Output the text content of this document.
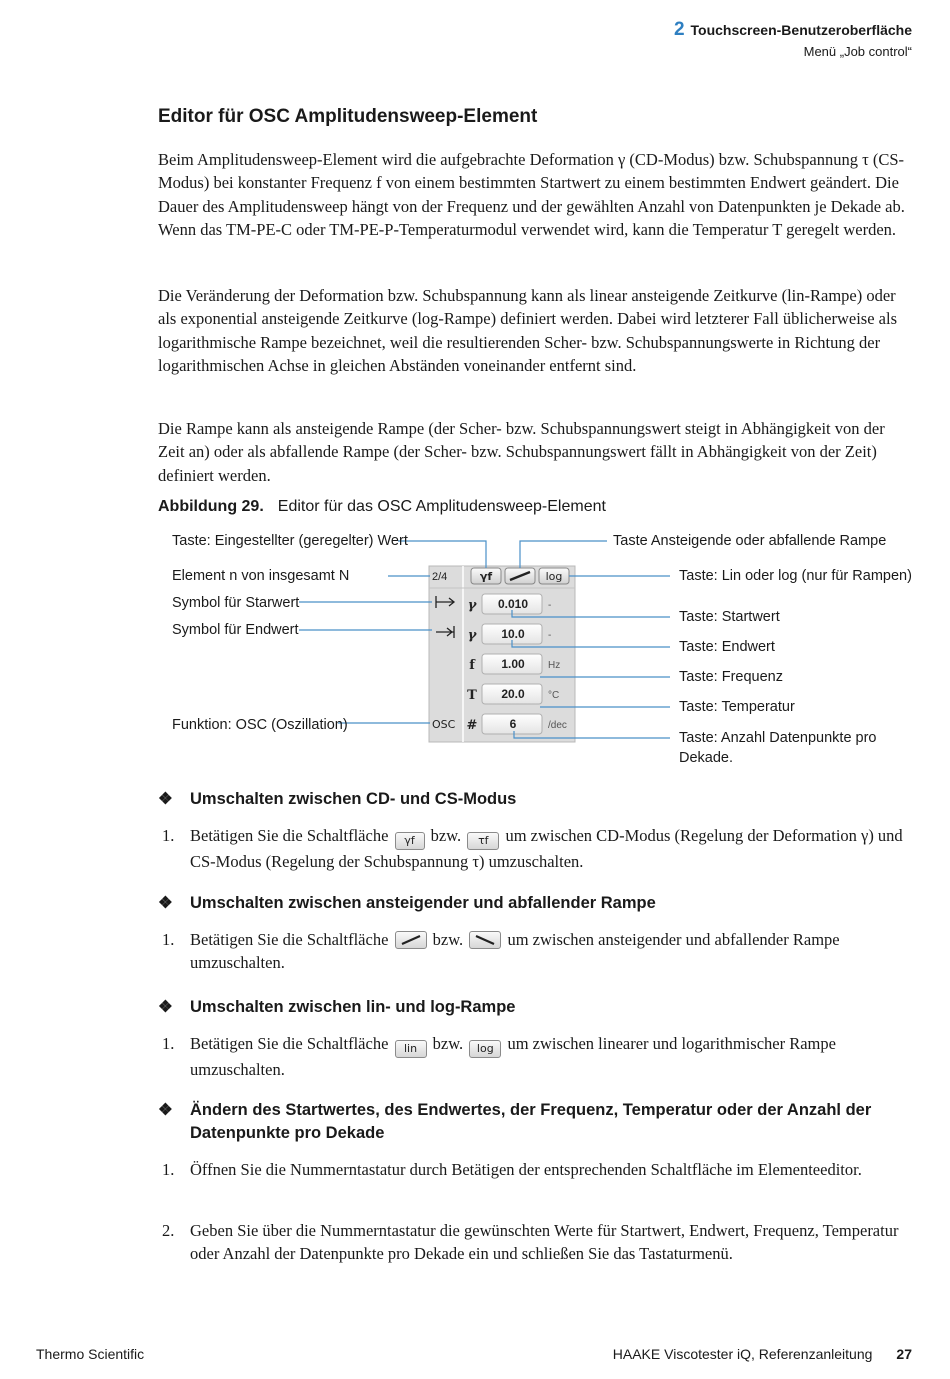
2 Touchscreen-Benutzeroberfläche
Menü „Job control“
Editor für OSC Amplitudensweep-Element

Beim Amplitudensweep-Element wird die aufgebrachte Deformation γ (CD-Modus) bzw. Schubspannung τ (CS-Modus) bei konstanter Frequenz f von einem bestimmten Startwert zu einem bestimmten Endwert geändert. Die Dauer des Amplitudensweep hängt von der Frequenz und der gewählten Anzahl von Datenpunkten je Dekade ab. Wenn das TM-PE-C oder TM-PE-P-Temperaturmodul verwendet wird, kann die Temperatur T geregelt werden.

Die Veränderung der Deformation bzw. Schubspannung kann als linear ansteigende Zeitkurve (lin-Rampe) oder als exponential ansteigende Zeitkurve (log-Rampe) definiert werden. Dabei wird letzterer Fall üblicherweise als logarithmische Rampe bezeichnet, weil die resultierenden Scher- bzw. Schubspannungswerte in Richtung der logarithmischen Achse in gleichen Abständen voneinander entfernt sind.

Die Rampe kann als ansteigende Rampe (der Scher- bzw. Schubspannungswert steigt in Abhängigkeit von der Zeit an) oder als abfallende Rampe (der Scher- bzw. Schubspannungswert fällt in Abhängigkeit von der Zeit) definiert werden.

Abbildung 29. Editor für das OSC Amplitudensweep-Element
2/4	γf	log
OSC
γ 0.010 -
γ 10.0 -
f 1.00 Hz
T 20.0 °C
#	6	/dec
Taste: Eingestellter (geregelter) Wert
Element n von insgesamt N
Symbol für Starwert
Symbol für Endwert
Funktion: OSC (Oszillation)
Taste Ansteigende oder abfallende Rampe
Taste: Lin oder log (nur für Rampen)
Taste: Startwert
Taste: Endwert
Taste: Frequenz
Taste: Temperatur
Taste: Anzahl Datenpunkte pro Dekade.
❖ Umschalten zwischen CD- und CS-Modus
1. Betätigen Sie die Schaltfläche γf bzw. τf um zwischen CD-Modus (Regelung der Deformation γ) und CS-Modus (Regelung der Schubspannung τ) umzuschalten.
❖ Umschalten zwischen ansteigender und abfallender Rampe
1. Betätigen Sie die Schaltfläche	bzw.	um zwischen ansteigender und abfallender Rampe umzuschalten.
❖ Umschalten zwischen lin- und log-Rampe
1. Betätigen Sie die Schaltfläche lin bzw. log um zwischen linearer und logarithmischer Rampe umzuschalten.
❖ Ändern des Startwertes, des Endwertes, der Frequenz, Temperatur oder der Anzahl der Datenpunkte pro Dekade
1. Öffnen Sie die Nummerntastatur durch Betätigen der entsprechenden Schaltfläche im Elementeeditor.
2. Geben Sie über die Nummerntastatur die gewünschten Werte für Startwert, Endwert, Frequenz, Temperatur oder Anzahl der Datenpunkte pro Dekade ein und schließen Sie das Tastaturmenü.
Thermo Scientific	HAAKE Viscotester iQ, Referenzanleitung 27
